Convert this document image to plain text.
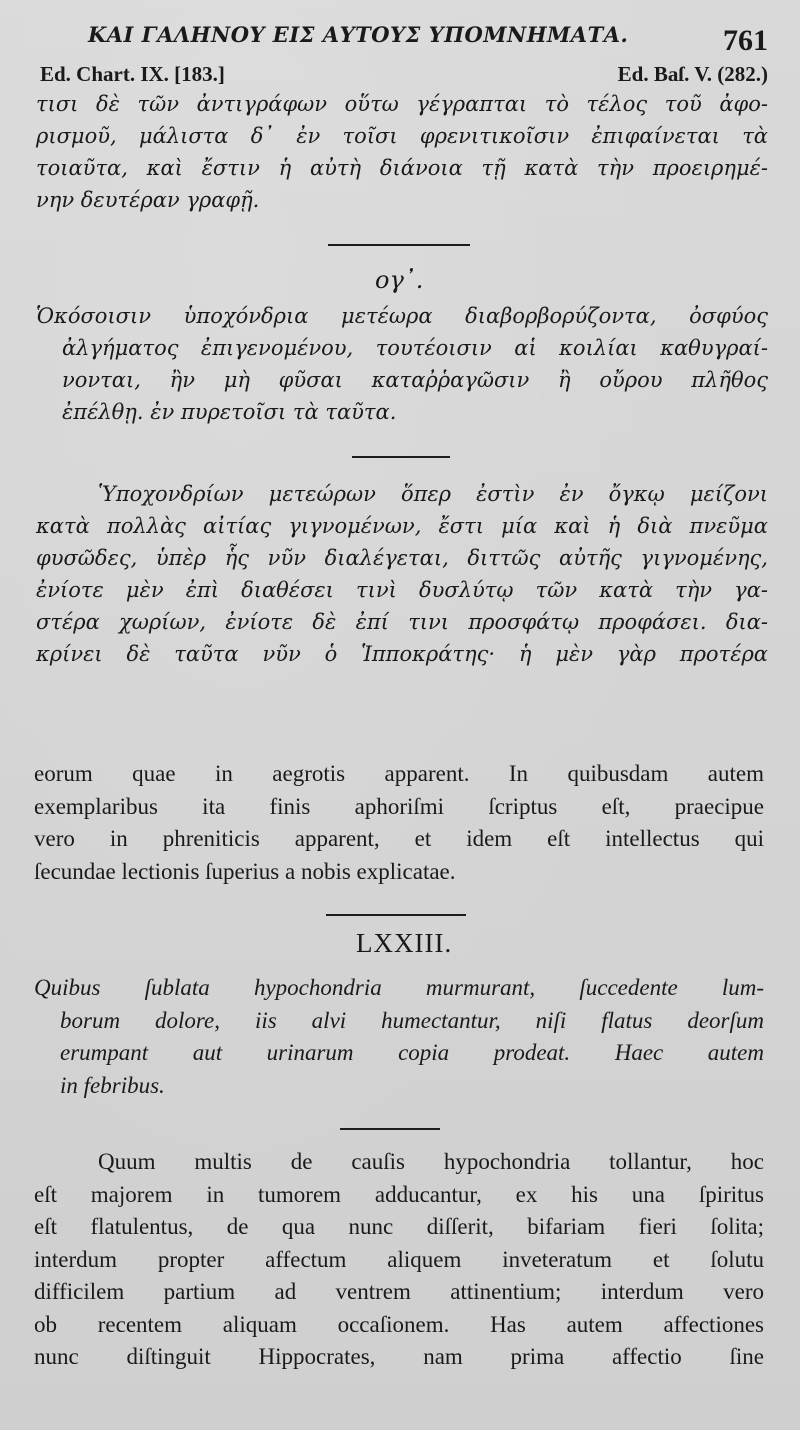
ΚΑΙ ΓΑΛΗΝΟΥ ΕΙΣ ΑΥΤΟΥΣ ΥΠΟΜΝΗΜΑΤΑ.	761
Ed. Chart. IX. [183.]	Ed. Baſ. V. (282.)
τισι δὲ τῶν ἀντιγράφων οὕτω γέγραπται τὸ τέλος τοῦ ἀφο-
ρισμοῦ, μάλιστα δ᾽ ἐν τοῖσι φρενιτικοῖσιν ἐπιφαίνεται τὰ
τοιαῦτα, καὶ ἔστιν ἡ αὐτὴ διάνοια τῇ κατὰ τὴν προειρημέ-
νην δευτέραν γραφῇ.
ογ᾽.
Ὁκόσοισιν ὑποχόνδρια μετέωρα διαβορβορύζοντα, ὀσφύος
ἀλγήματος ἐπιγενομένου, τουτέοισιν αἱ κοιλίαι καθυγραί-
νονται, ἢν μὴ φῦσαι καταῤῥαγῶσιν ἢ οὔρου πλῆθος
ἐπέλθῃ. ἐν πυρετοῖσι τὰ ταῦτα.
Ὑποχονδρίων μετεώρων ὅπερ ἐστὶν ἐν ὄγκῳ μείζονι
κατὰ πολλὰς αἰτίας γιγνομένων, ἔστι μία καὶ ἡ διὰ πνεῦμα
φυσῶδες, ὑπὲρ ἧς νῦν διαλέγεται, διττῶς αὐτῆς γιγνομένης,
ἐνίοτε μὲν ἐπὶ διαθέσει τινὶ δυσλύτῳ τῶν κατὰ τὴν γα-
στέρα χωρίων, ἐνίοτε δὲ ἐπί τινι προσφάτῳ προφάσει. δια-
κρίνει δὲ ταῦτα νῦν ὁ Ἱπποκράτης· ἡ μὲν γὰρ προτέρα
eorum quae in aegrotis apparent. In quibusdam autem
exemplaribus ita finis aphoriſmi ſcriptus eſt, praecipue
vero in phreniticis apparent, et idem eſt intellectus qui
ſecundae lectionis ſuperius a nobis explicatae.
LXXIII.
Quibus ſublata hypochondria murmurant, ſuccedente lum-
borum dolore, iis alvi humectantur, niſi flatus deorſum
erumpant aut urinarum copia prodeat. Haec autem
in febribus.
Quum multis de cauſis hypochondria tollantur, hoc
eſt majorem in tumorem adducantur, ex his una ſpiritus
eſt flatulentus, de qua nunc diſſerit, bifariam fieri ſolita;
interdum propter affectum aliquem inveteratum et ſolutu
difficilem partium ad ventrem attinentium; interdum vero
ob recentem aliquam occaſionem. Has autem affectiones
nunc diſtinguit Hippocrates, nam prima affectio ſine
